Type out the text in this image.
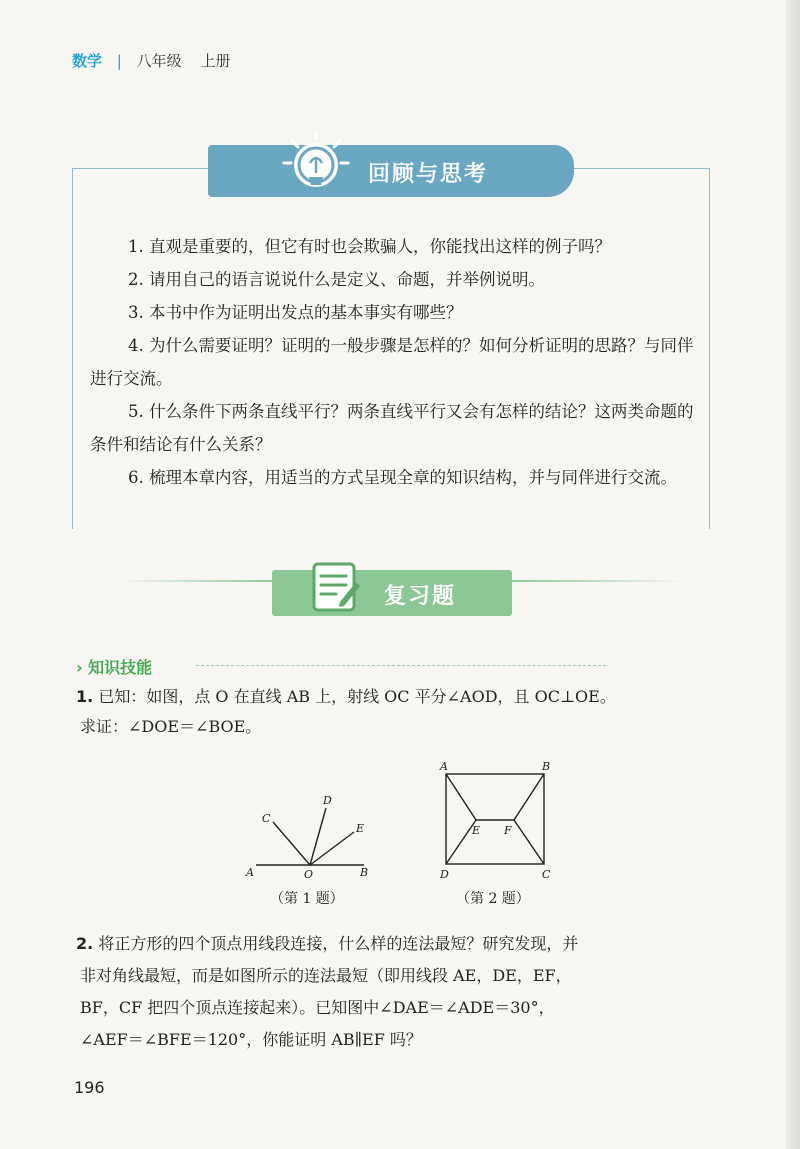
数学 | 八年级 上册
回顾与思考

1. 直观是重要的，但它有时也会欺骗人，你能找出这样的例子吗？

2. 请用自己的语言说说什么是定义、命题，并举例说明。

3. 本书中作为证明出发点的基本事实有哪些？

4. 为什么需要证明？证明的一般步骤是怎样的？如何分析证明的思路？与同伴进行交流。

5. 什么条件下两条直线平行？两条直线平行又会有怎样的结论？这两类命题的条件和结论有什么关系？

6. 梳理本章内容，用适当的方式呈现全章的知识结构，并与同伴进行交流。

复习题
› 知识技能
1. 已知：如图，点 O 在直线 AB 上，射线 OC 平分∠AOD，且 OC⊥OE。
求证：∠DOE＝∠BOE。
A	O	B
C
D
E
A	B
C
D
E F
（第 1 题）	（第 2 题）

2. 将正方形的四个顶点用线段连接，什么样的连法最短？研究发现，并

非对角线最短，而是如图所示的连法最短（即用线段 AE，DE，EF，

BF，CF 把四个顶点连接起来）。已知图中∠DAE＝∠ADE＝30°，

∠AEF＝∠BFE＝120°，你能证明 AB∥EF 吗？

196
